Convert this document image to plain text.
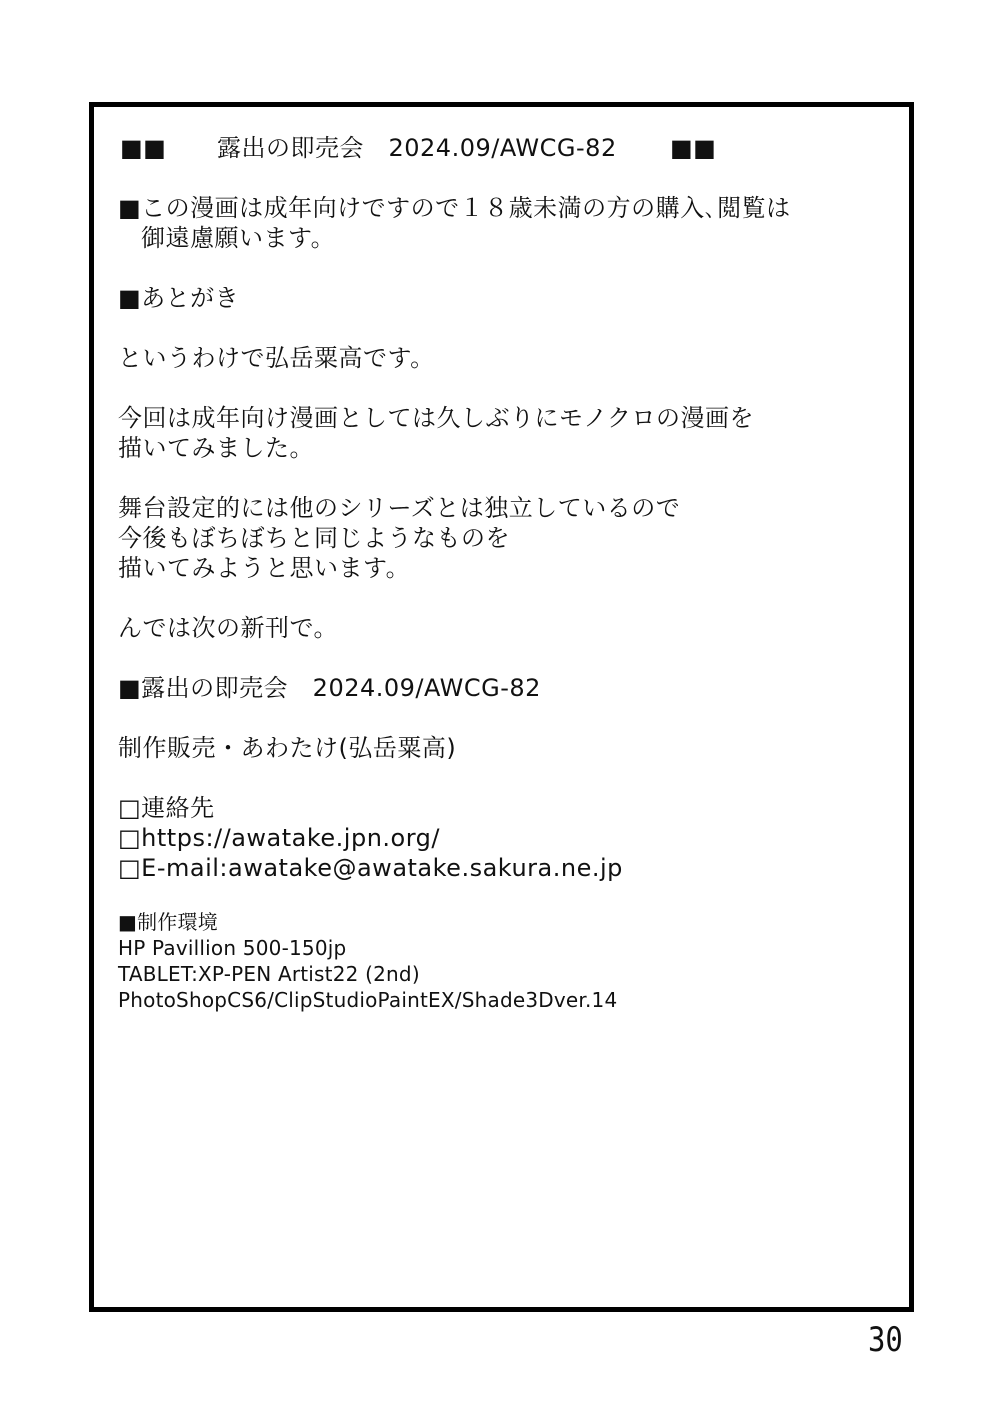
■■ 露出の即売会　2024.09/AWCG-82 ■■
■この漫画は成年向けですので１８歳未満の方の購入､閲覧は
御遠慮願います。
■あとがき
というわけで弘岳粟高です。
今回は成年向け漫画としては久しぶりにモノクロの漫画を
描いてみました。
舞台設定的には他のシリーズとは独立しているので
今後もぼちぼちと同じようなものを
描いてみようと思います。
んでは次の新刊で。
■露出の即売会　2024.09/AWCG-82
制作販売・あわたけ(弘岳粟高)
□連絡先
□https://awatake.jpn.org/
□E-mail:awatake@awatake.sakura.ne.jp
■制作環境
HP Pavillion 500-150jp
TABLET:XP-PEN Artist22 (2nd)
PhotoShopCS6/ClipStudioPaintEX/Shade3Dver.14
30
